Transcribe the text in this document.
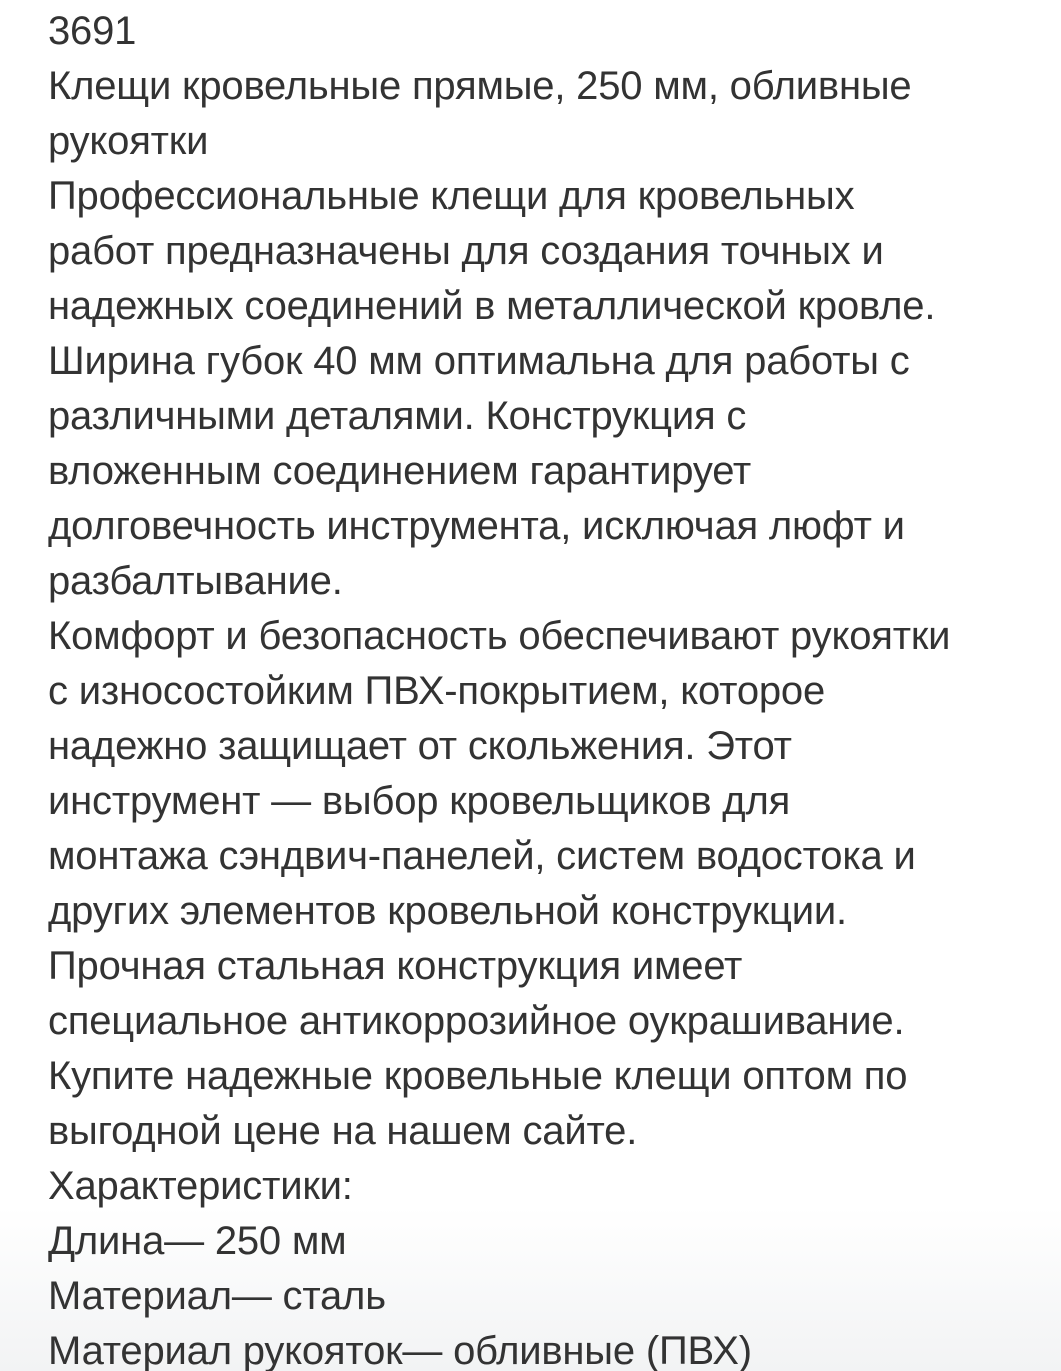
3691
Клещи кровельные прямые, 250 мм, обливные
рукоятки
Профессиональные клещи для кровельных
работ предназначены для создания точных и
надежных соединений в металлической кровле.
Ширина губок 40 мм оптимальна для работы с
различными деталями. Конструкция с
вложенным соединением гарантирует
долговечность инструмента, исключая люфт и
разбалтывание.
Комфорт и безопасность обеспечивают рукоятки
с износостойким ПВХ-покрытием, которое
надежно защищает от скольжения. Этот
инструмент — выбор кровельщиков для
монтажа сэндвич-панелей, систем водостока и
других элементов кровельной конструкции.
Прочная стальная конструкция имеет
специальное антикоррозийное оукрашивание.
Купите надежные кровельные клещи оптом по
выгодной цене на нашем сайте.
Характеристики:
Длина— 250 мм
Материал— сталь
Материал рукояток— обливные (ПВХ)
